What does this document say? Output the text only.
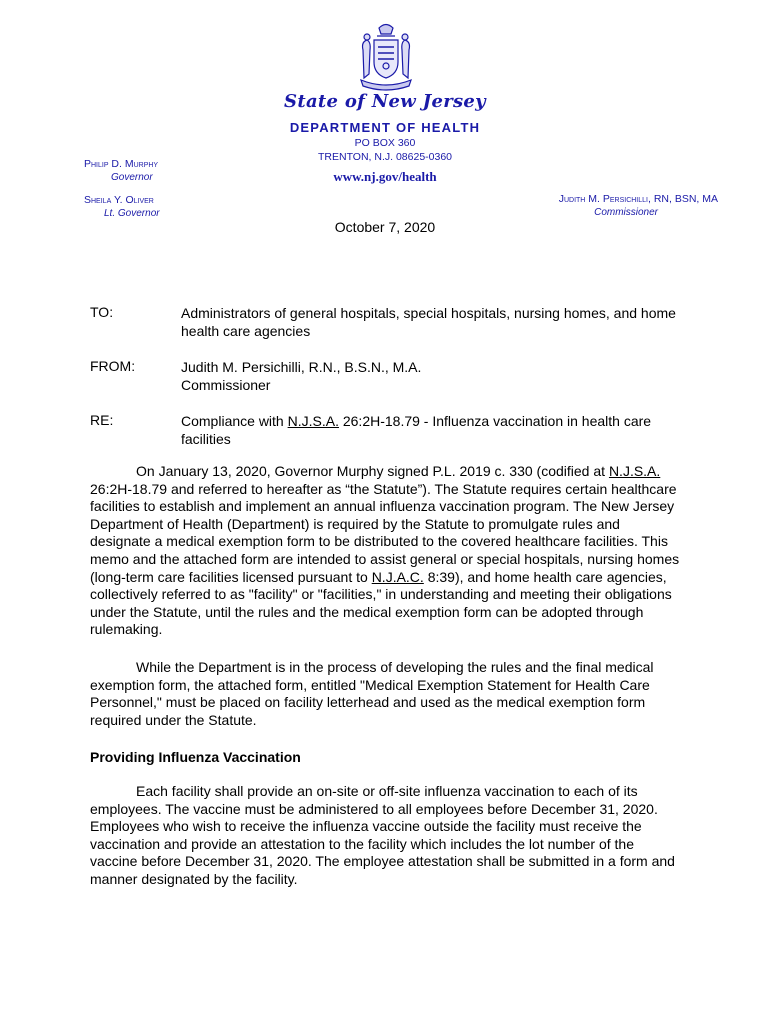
State of New Jersey
DEPARTMENT OF HEALTH
PO BOX 360
TRENTON, N.J. 08625-0360
www.nj.gov/health
Philip D. Murphy
Governor
Sheila Y. Oliver
Lt. Governor
Judith M. Persichilli, RN, BSN, MA
Commissioner
October 7, 2020
TO:	Administrators of general hospitals, special hospitals, nursing homes, and home health care agencies
FROM:	Judith M. Persichilli, R.N., B.S.N., M.A.
Commissioner
RE:	Compliance with N.J.S.A. 26:2H-18.79 - Influenza vaccination in health care facilities
On January 13, 2020, Governor Murphy signed P.L. 2019 c. 330 (codified at N.J.S.A. 26:2H-18.79 and referred to hereafter as “the Statute”). The Statute requires certain healthcare facilities to establish and implement an annual influenza vaccination program. The New Jersey Department of Health (Department) is required by the Statute to promulgate rules and designate a medical exemption form to be distributed to the covered healthcare facilities. This memo and the attached form are intended to assist general or special hospitals, nursing homes (long-term care facilities licensed pursuant to N.J.A.C. 8:39), and home health care agencies, collectively referred to as "facility" or "facilities," in understanding and meeting their obligations under the Statute, until the rules and the medical exemption form can be adopted through rulemaking.
While the Department is in the process of developing the rules and the final medical exemption form, the attached form, entitled "Medical Exemption Statement for Health Care Personnel," must be placed on facility letterhead and used as the medical exemption form required under the Statute.
Providing Influenza Vaccination
Each facility shall provide an on-site or off-site influenza vaccination to each of its employees. The vaccine must be administered to all employees before December 31, 2020. Employees who wish to receive the influenza vaccine outside the facility must receive the vaccination and provide an attestation to the facility which includes the lot number of the vaccine before December 31, 2020. The employee attestation shall be submitted in a form and manner designated by the facility.
